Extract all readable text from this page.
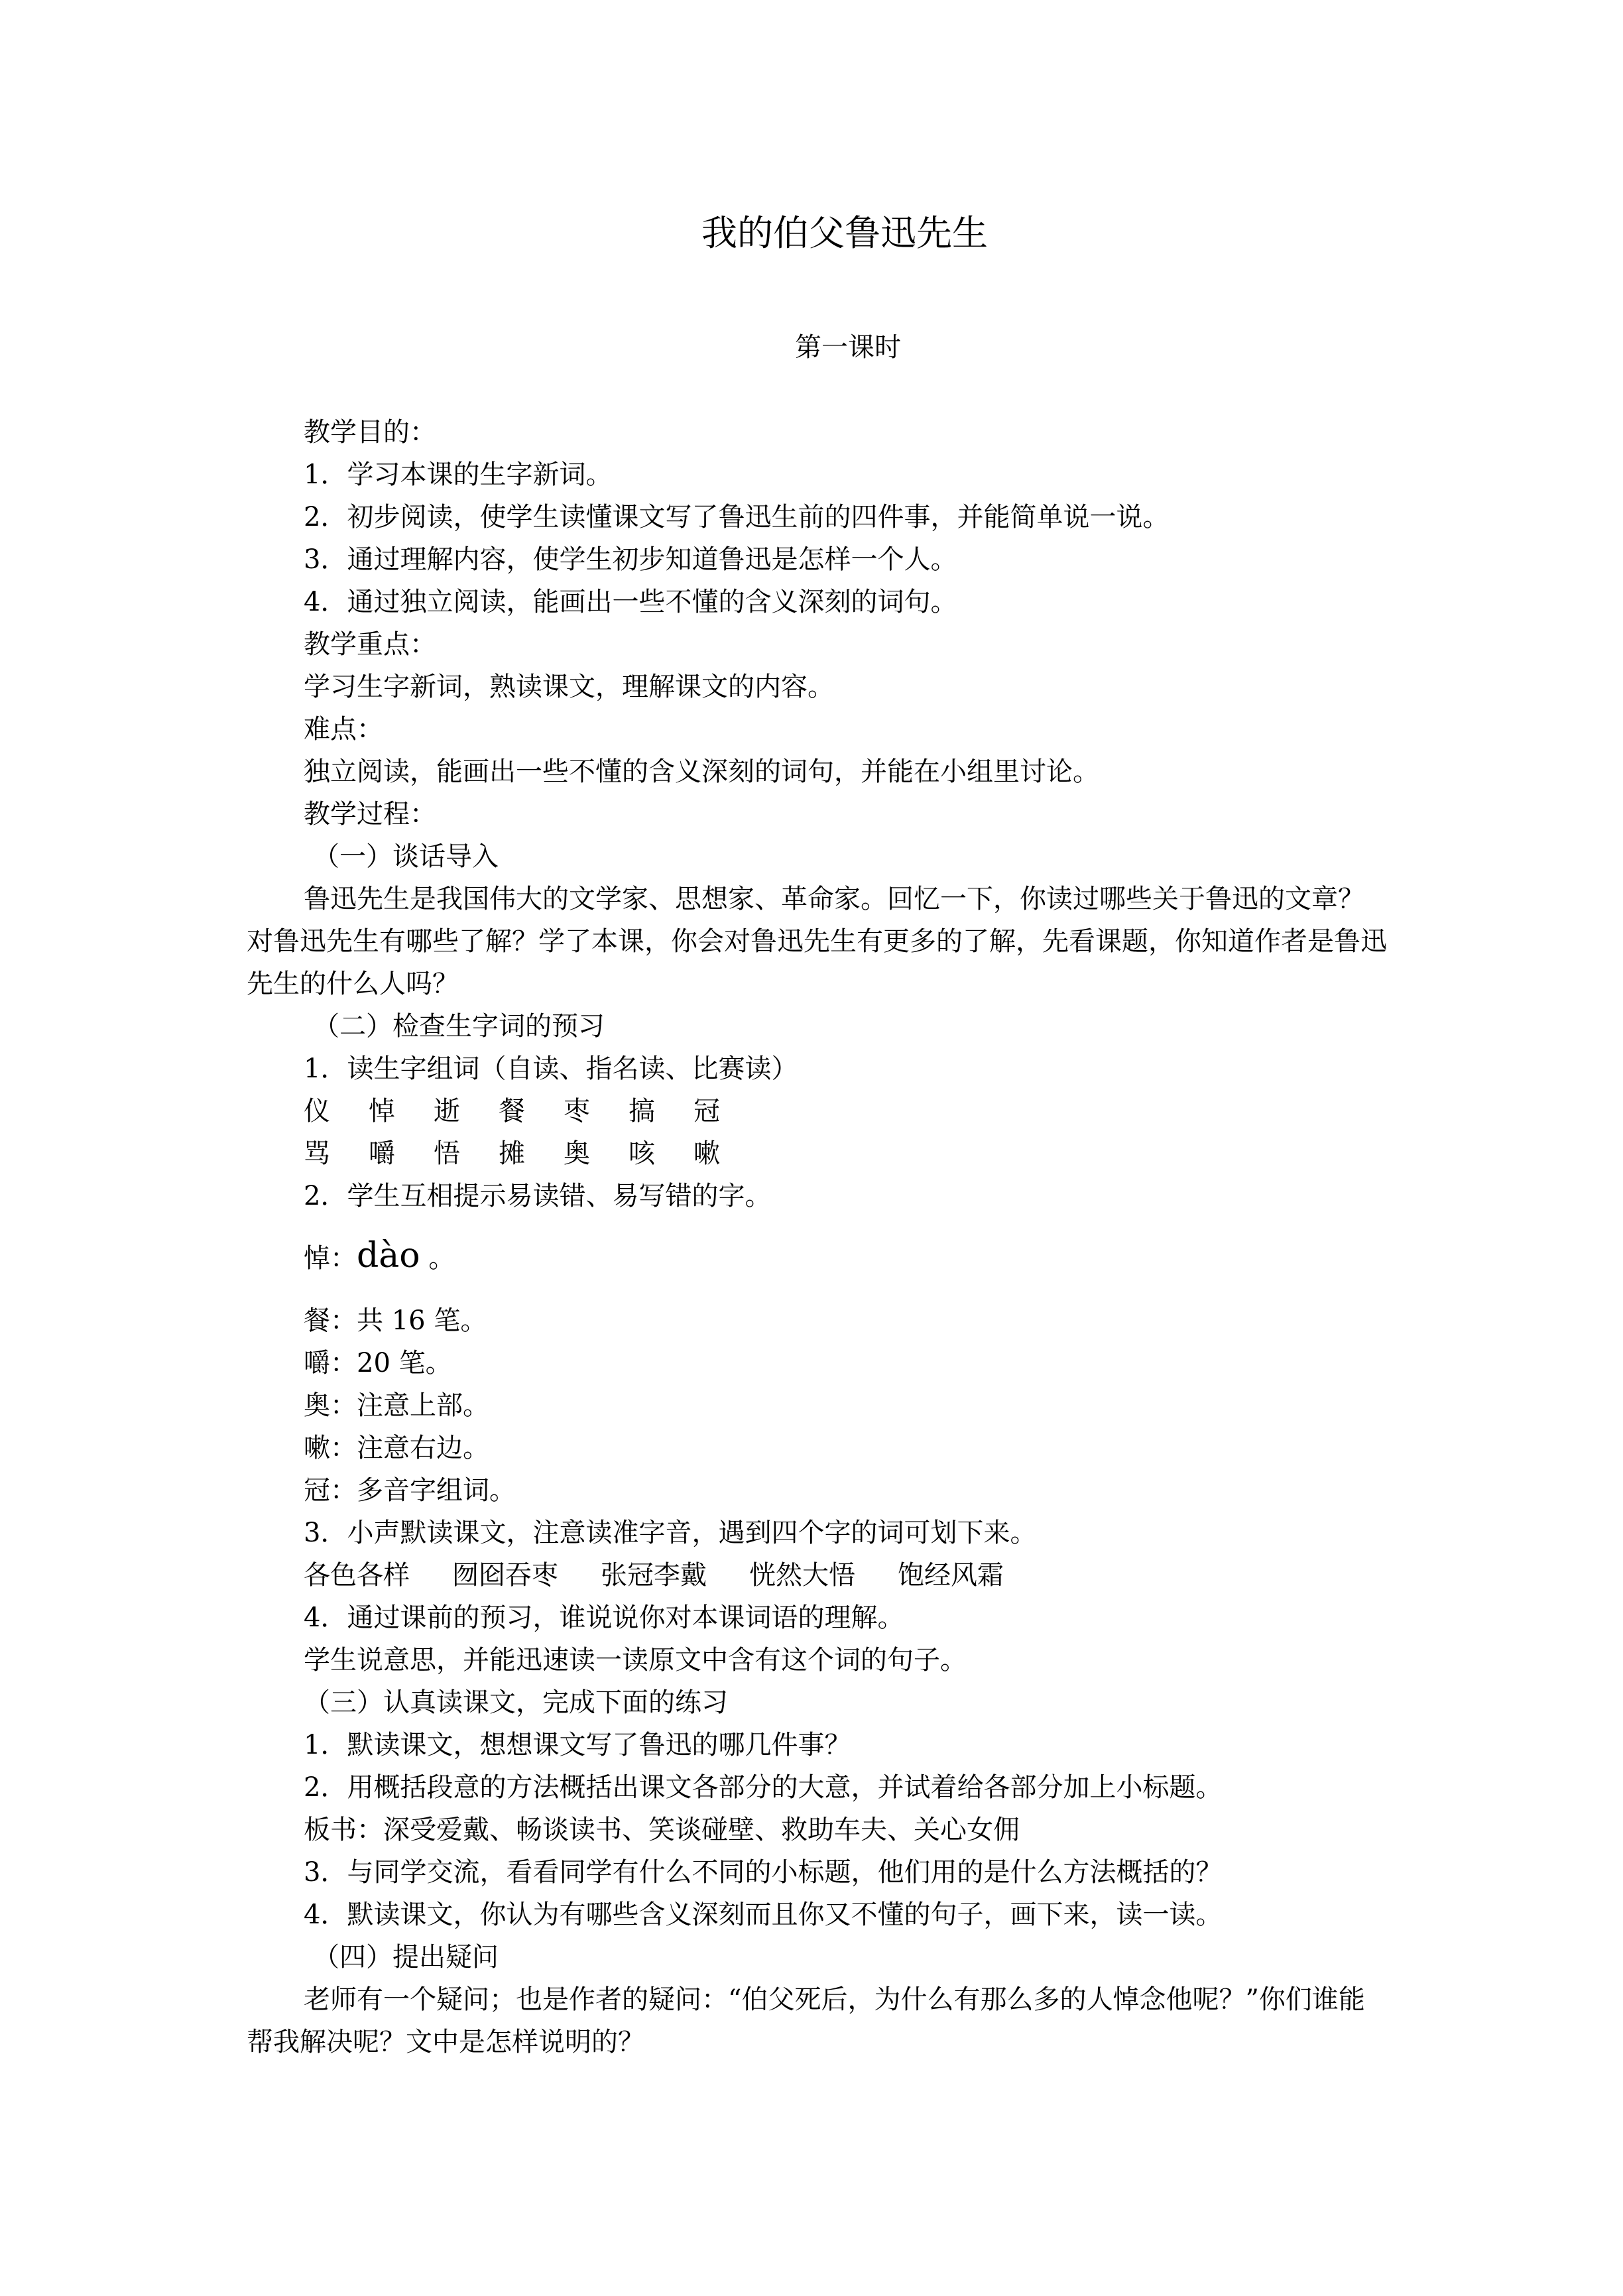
我的伯父鲁迅先生
第一课时

教学目的：

1．学习本课的生字新词。

2．初步阅读，使学生读懂课文写了鲁迅生前的四件事，并能简单说一说。

3．通过理解内容，使学生初步知道鲁迅是怎样一个人。

4．通过独立阅读，能画出一些不懂的含义深刻的词句。

教学重点：

学习生字新词，熟读课文，理解课文的内容。

难点：

独立阅读，能画出一些不懂的含义深刻的词句，并能在小组里讨论。

教学过程：

（一）谈话导入

鲁迅先生是我国伟大的文学家、思想家、革命家。回忆一下，你读过哪些关于鲁迅的文章？对鲁迅先生有哪些了解？学了本课，你会对鲁迅先生有更多的了解，先看课题，你知道作者是鲁迅先生的什么人吗？

（二）检查生字词的预习

1．读生字组词（自读、指名读、比赛读）

仪 悼 逝 餐 枣 搞 冠

骂 嚼 悟 摊 奥 咳 嗽

2．学生互相提示易读错、易写错的字。

悼：dào 。

餐：共 16 笔。

嚼：20 笔。

奥：注意上部。

嗽：注意右边。

冠：多音字组词。

3．小声默读课文，注意读准字音，遇到四个字的词可划下来。

各色各样 囫囵吞枣 张冠李戴 恍然大悟 饱经风霜

4．通过课前的预习，谁说说你对本课词语的理解。

学生说意思，并能迅速读一读原文中含有这个词的句子。

（三）认真读课文，完成下面的练习

1．默读课文，想想课文写了鲁迅的哪几件事？

2．用概括段意的方法概括出课文各部分的大意，并试着给各部分加上小标题。

板书：深受爱戴、畅谈读书、笑谈碰壁、救助车夫、关心女佣

3．与同学交流，看看同学有什么不同的小标题，他们用的是什么方法概括的？

4．默读课文，你认为有哪些含义深刻而且你又不懂的句子，画下来，读一读。

（四）提出疑问

老师有一个疑问；也是作者的疑问：“伯父死后，为什么有那么多的人悼念他呢？”你们谁能帮我解决呢？文中是怎样说明的？
